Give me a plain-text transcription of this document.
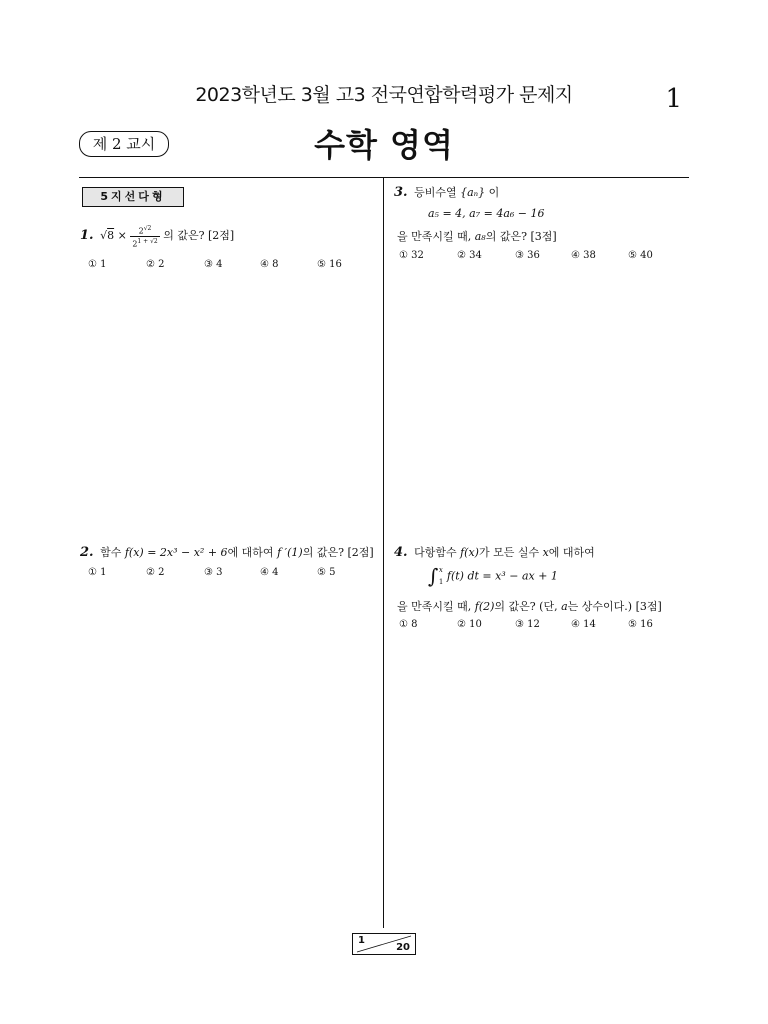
2023학년도 3월 고3 전국연합학력평가 문제지	1
제 2 교시	수학 영역
5지선다형
1. $√8 \times \frac{2^{√2}}{2^{1 + √2}}$ 의 값은? [2점]
① 1	② 2	③ 4	④ 8	⑤ 16
2. 함수 f(x) = 2x³ − x² + 6에 대하여 f ′(1)의 값은? [2점]
① 1	② 2	③ 3	④ 4	⑤ 5
3. 등비수열 {aₙ} 이
a₅ = 4, a₇ = 4a₆ − 16
을 만족시킬 때, a₈의 값은? [3점]
① 32	② 34	③ 36	④ 38	⑤ 40
4. 다항함수 f(x)가 모든 실수 x에 대하여
∫ x
1 f(t) dt = x³ − ax + 1
을 만족시킬 때, f(2)의 값은? (단, a는 상수이다.) [3점]
① 8	② 10	③ 12	④ 14	⑤ 16
1
20
